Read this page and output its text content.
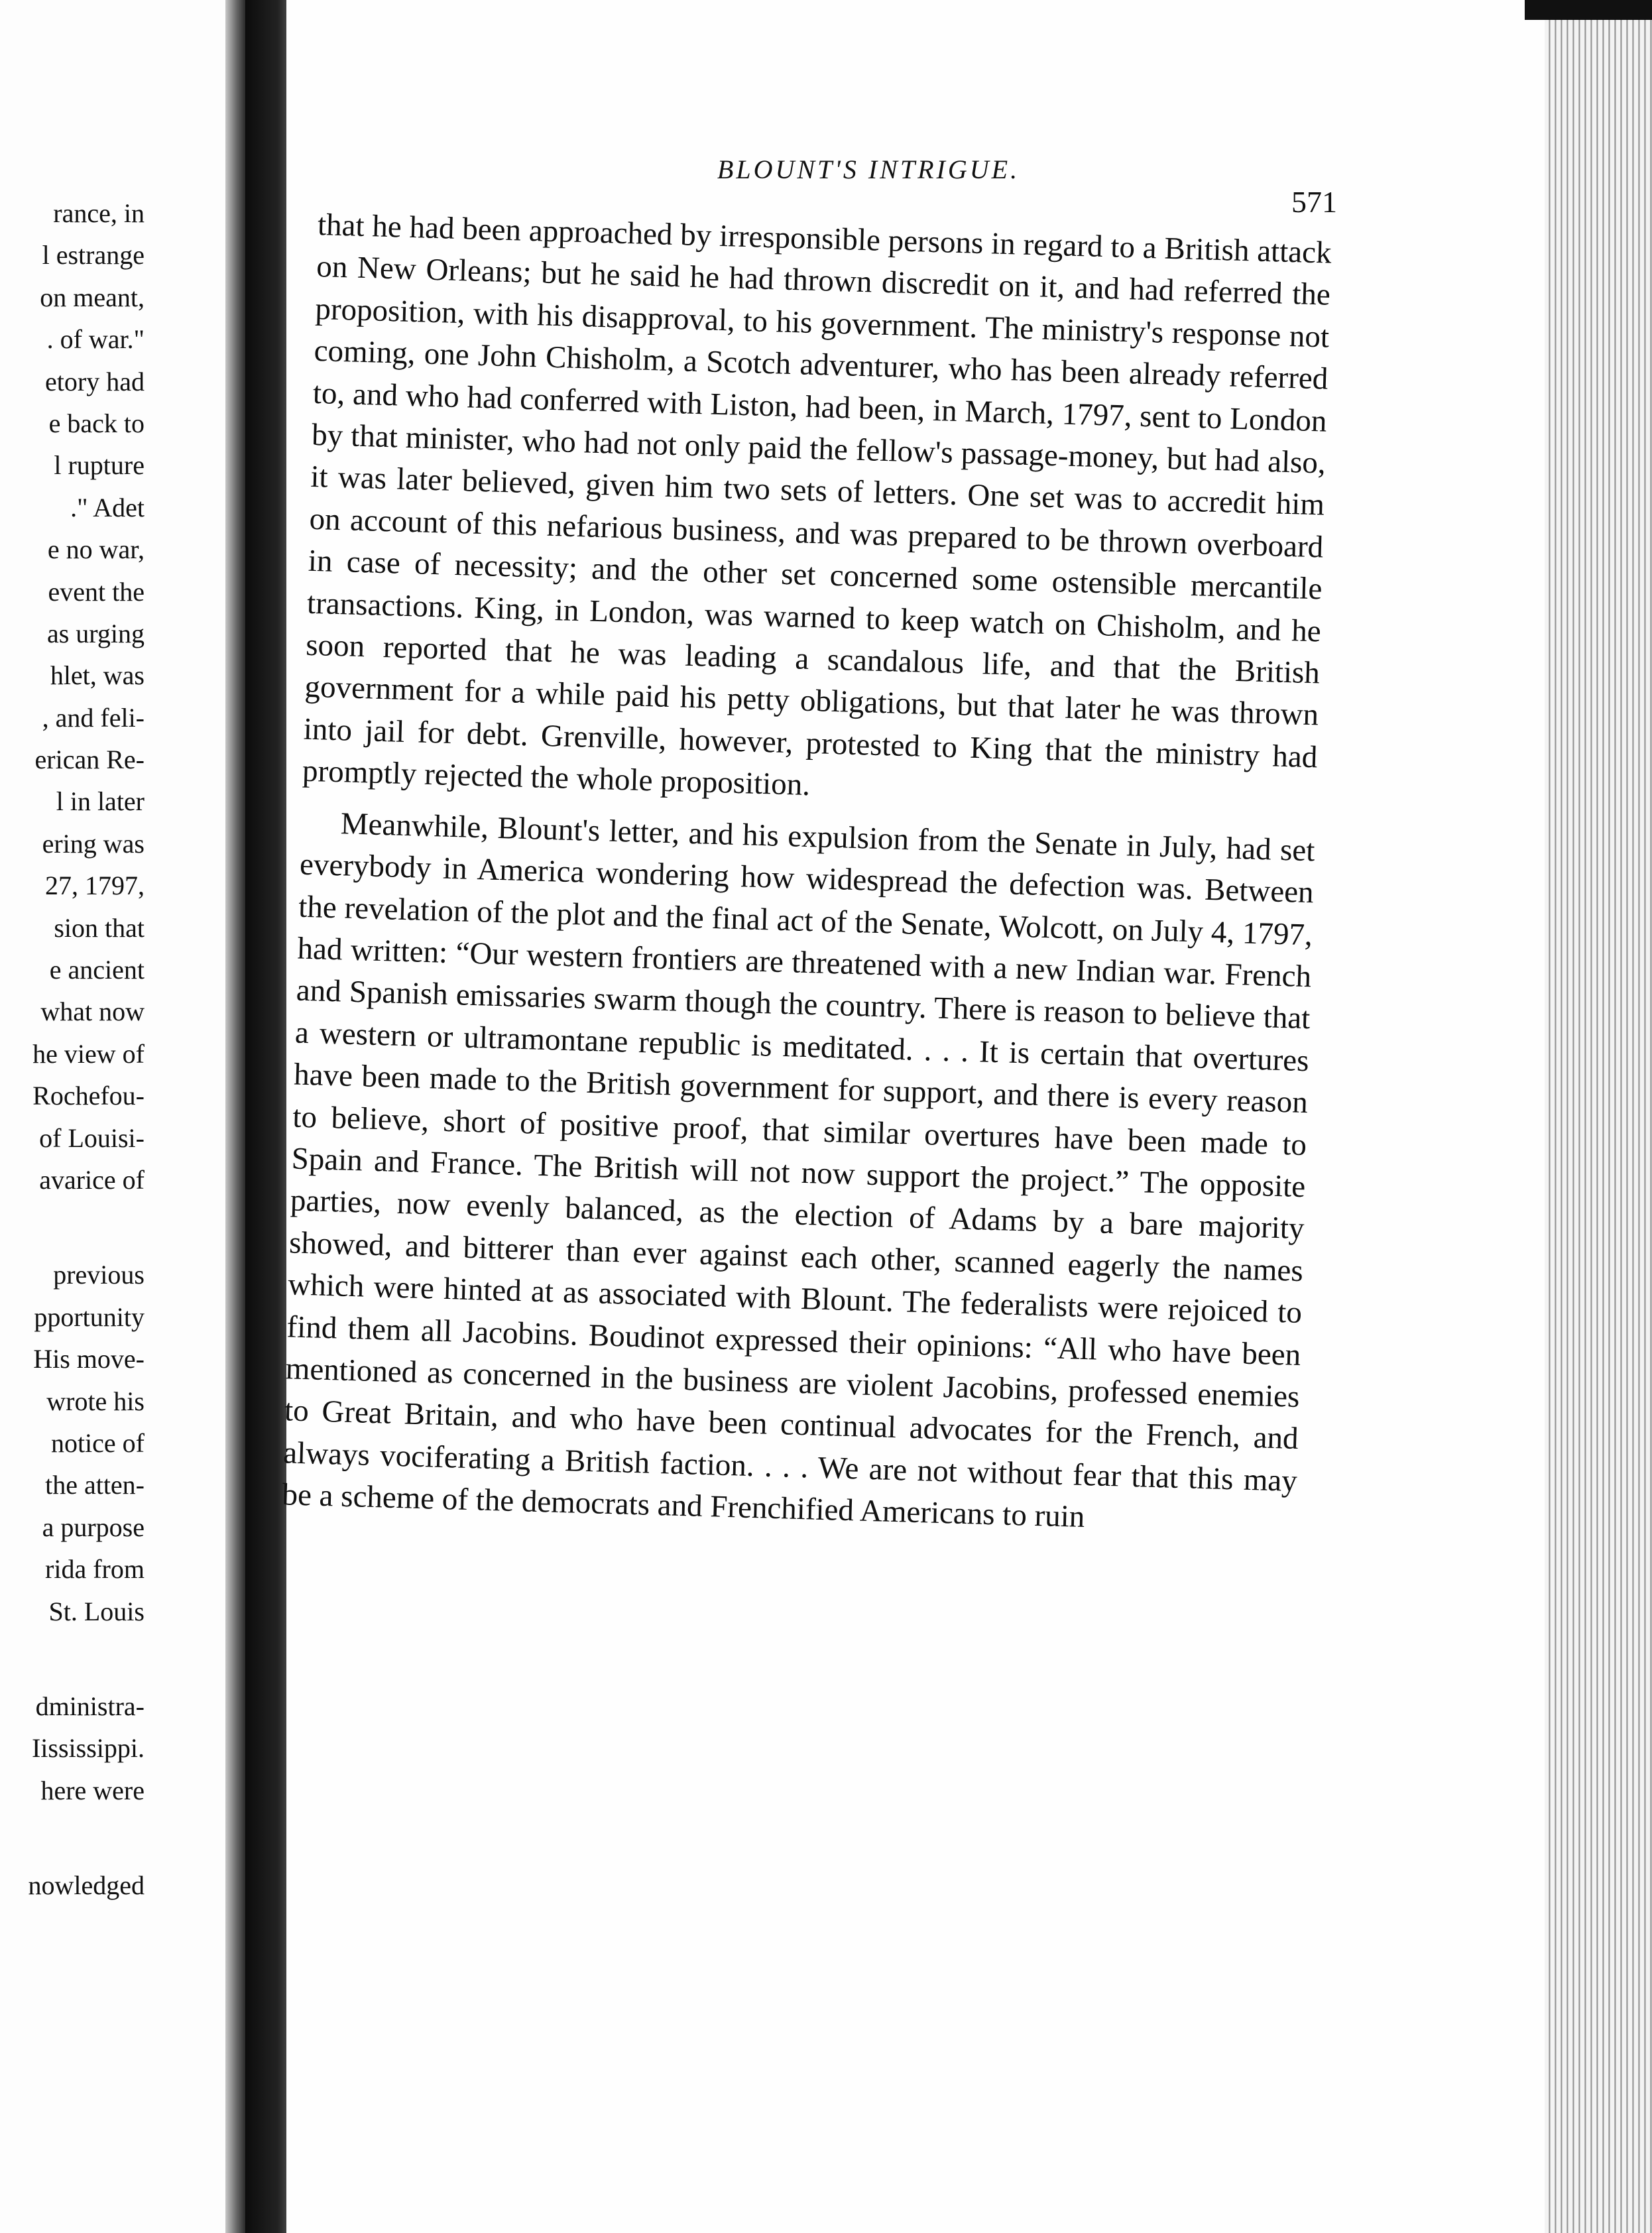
rance, in
l estrange
on meant,
. of war."
etory had
e back to
l rupture
." Adet
e no war,
event the
as urging
hlet, was
, and feli-
erican Re-
l in later
ering was
27, 1797,
sion that
e ancient
what now
he view of
Rochefou-
of Louisi-
avarice of
previous
pportunity
His move-
wrote his
notice of
the atten-
a purpose
rida from
St. Louis
dministra-
Iississippi.
here were
nowledged
BLOUNT'S INTRIGUE.
571

that he had been approached by irresponsible persons in regard to a British attack on New Orleans; but he said he had thrown discredit on it, and had referred the proposition, with his disapproval, to his government. The ministry's response not coming, one John Chisholm, a Scotch adventurer, who has been already referred to, and who had conferred with Liston, had been, in March, 1797, sent to London by that minister, who had not only paid the fellow's passage-money, but had also, it was later believed, given him two sets of letters. One set was to accredit him on account of this nefarious business, and was prepared to be thrown overboard in case of necessity; and the other set concerned some ostensible mercantile transactions. King, in London, was warned to keep watch on Chisholm, and he soon reported that he was leading a scandalous life, and that the British government for a while paid his petty obligations, but that later he was thrown into jail for debt. Grenville, however, protested to King that the ministry had promptly rejected the whole proposition.

Meanwhile, Blount's letter, and his expulsion from the Senate in July, had set everybody in America wondering how widespread the defection was. Between the revelation of the plot and the final act of the Senate, Wolcott, on July 4, 1797, had written: “Our western frontiers are threatened with a new Indian war. French and Spanish emissaries swarm though the country. There is reason to believe that a western or ultramontane republic is meditated. . . . It is certain that overtures have been made to the British government for support, and there is every reason to believe, short of positive proof, that similar overtures have been made to Spain and France. The British will not now support the project.” The opposite parties, now evenly balanced, as the election of Adams by a bare majority showed, and bitterer than ever against each other, scanned eagerly the names which were hinted at as associated with Blount. The federalists were rejoiced to find them all Jacobins. Boudinot expressed their opinions: “All who have been mentioned as concerned in the business are violent Jacobins, professed enemies to Great Britain, and who have been continual advocates for the French, and always vociferating a British faction. . . . We are not without fear that this may be a scheme of the democrats and Frenchified Americans to ruin
